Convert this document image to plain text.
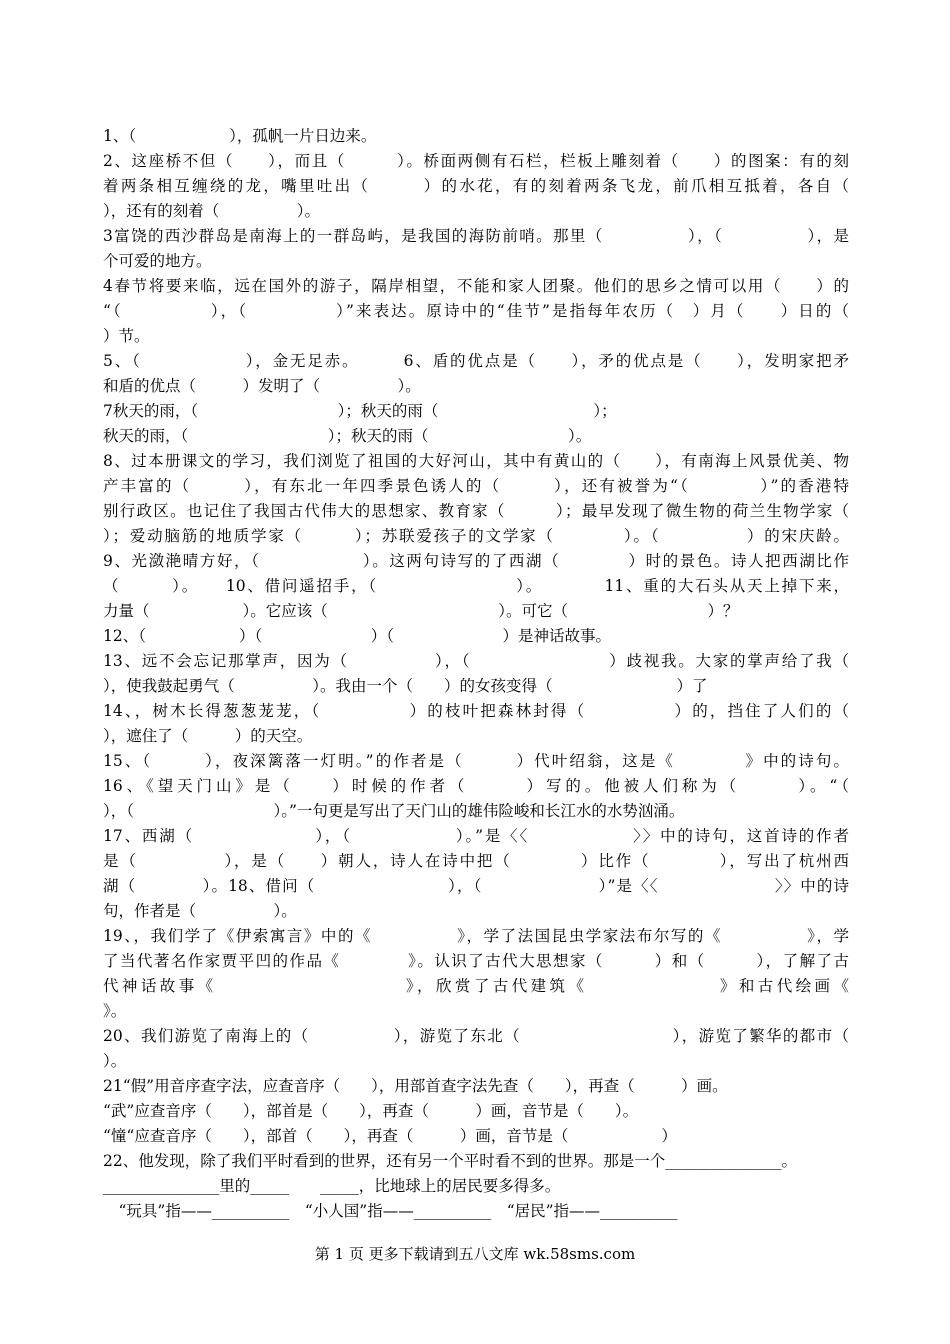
1、（　　　　　　），孤帆一片日边来。
2、这座桥不但（　　），而且（　　　）。桥面两侧有石栏，栏板上雕刻着（　　）的图案：有的刻
着两条相互缠绕的龙，嘴里吐出（　　　）的水花，有的刻着两条飞龙，前爪相互抵着，各自（
），还有的刻着（　　　　　）。
3富饶的西沙群岛是南海上的一群岛屿，是我国的海防前哨。那里（　　　　　），（　　　　　），是
个可爱的地方。
4春节将要来临，远在国外的游子，隔岸相望，不能和家人团聚。他们的思乡之情可以用（　　）的
“（　　　　　），（　　　　　）”来表达。原诗中的“佳节”是指每年农历（　）月（　　）日的（
）节。
5、（　　　　　　），金无足赤。　　　6、盾的优点是（　　），矛的优点是（　　），发明家把矛
和盾的优点（　　　）发明了（　　　　　）。
7秋天的雨，（　　　　　　　　　）；秋天的雨（　　　　　　　　　　）；
秋天的雨，（　　　　　　　　　）；秋天的雨（　　　　　　　　　）。
8、过本册课文的学习，我们浏览了祖国的大好河山，其中有黄山的（　　），有南海上风景优美、物
产丰富的（　　　），有东北一年四季景色诱人的（　　　），还有被誉为“（　　　　）”的香港特
别行政区。也记住了我国古代伟大的思想家、教育家（　　　）；最早发现了微生物的荷兰生物学家（
）；爱动脑筋的地质学家（　　　）；苏联爱孩子的文学家（　　　　）。（　　　　　）的宋庆龄。
9、光潋滟晴方好，（　　　　　　）。这两句诗写的了西湖（　　　　）时的景色。诗人把西湖比作
（　　　）。　　10、借问遥招手，（　　　　　　　　）。　　　　11、重的大石头从天上掉下来，
力量（　　　　　　）。它应该（　　　　　　　　　　　）。可它（　　　　　　　　　）？
12、（　　　　　　）（　　　　　　　）（　　　　　　　）是神话故事。
13、远不会忘记那掌声，因为（　　　　　），（　　　　　　　　）歧视我。大家的掌声给了我（
），使我鼓起勇气（　　　　　）。我由一个（　　）的女孩变得（　　　　　　　　）了
14、，树木长得葱葱茏茏，（　　　　　）的枝叶把森林封得（　　　　　）的，挡住了人们的（
），遮住了（　　　）的天空。
15、（　　　），夜深篱落一灯明。”的作者是（　　　）代叶绍翁，这是《　　　　》中的诗句。
16、《望天门山》是（　　）时候的作者（　　　）写的。他被人们称为（　　　）。“（
），（　　　　　　　　　）。”一句更是写出了天门山的雄伟险峻和长江水的水势汹涌。
17、西湖（　　　　　　　），（　　　　　　）。”是〈〈　　　　　　〉〉中的诗句，这首诗的作者
是（　　　　　），是（　　）朝人，诗人在诗中把（　　　　）比作（　　　　），写出了杭州西
湖（　　　　）。18、借问（　　　　　　　　），（　　　　　　　）”是〈〈　　　　　　　〉〉中的诗
句，作者是（　　　　　）。
19、，我们学了《伊索寓言》中的《　　　　　》，学了法国昆虫学家法布尔写的《　　　　　》，学
了当代著名作家贾平凹的作品《　　　　》。认识了古代大思想家（　　　）和（　　　），了解了古
代神话故事《　　　　　　　　　　》，欣赏了古代建筑《　　　　　　　》和古代绘画《
》。
20、我们游览了南海上的（　　　　　），游览了东北（　　　　　　　　　），游览了繁华的都市（
）。
21“假”用音序查字法，应查音序（　　），用部首查字法先查（　　），再查（　　　）画。
“武”应查音序（　　），部首是（　　），再查（　　　）画，音节是（　　）。
“憧“应查音序（　　），部首（　　），再查（　　　）画，音节是（　　　　　　）
22、他发现，除了我们平时看到的世界，还有另一个平时看不到的世界。那是一个_______________。
_______________里的_____　　_____，比地球上的居民要多得多。
　“玩具”指——__________　“小人国”指——__________　“居民”指——__________
第 1 页 更多下载请到五八文库 wk.58sms.com
